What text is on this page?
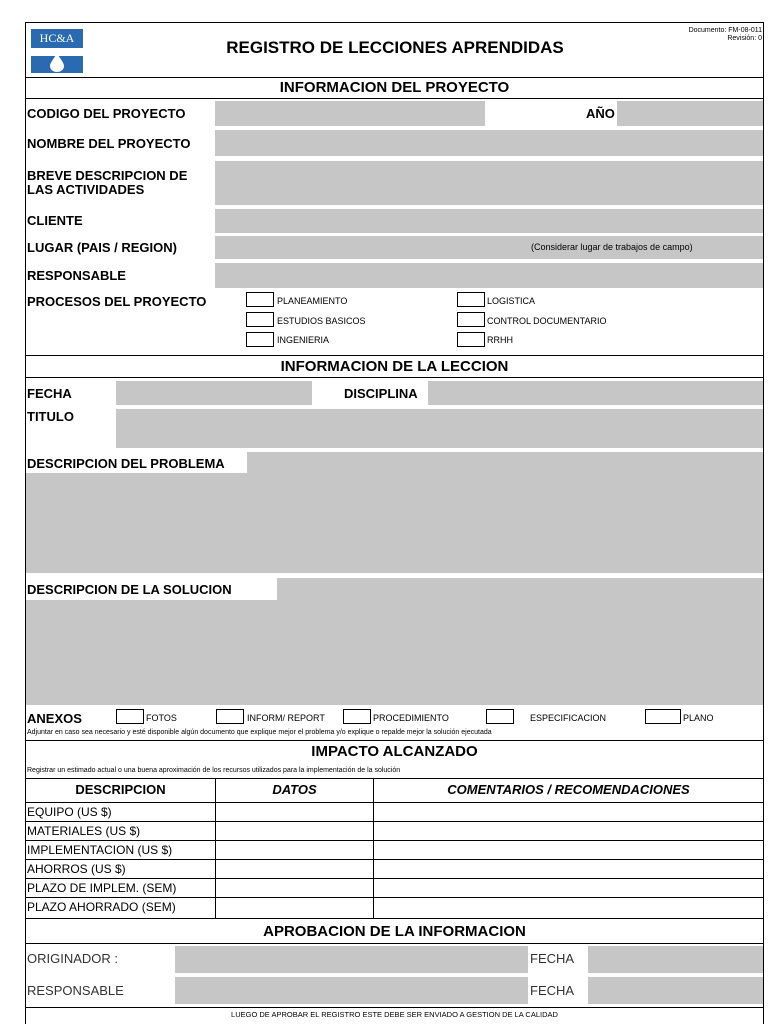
HC&A	REGISTRO DE LECCIONES APRENDIDAS
Documento: FM-08-011
Revisión: 0
INFORMACION DEL PROYECTO
CODIGO DEL PROYECTO	AÑO
NOMBRE DEL PROYECTO
BREVE DESCRIPCION DE
LAS ACTIVIDADES
CLIENTE
LUGAR (PAIS / REGION)	(Considerar lugar de trabajos de campo)
RESPONSABLE
PROCESOS DEL PROYECTO	PLANEAMIENTO
ESTUDIOS BASICOS
INGENIERIA
LOGISTICA
CONTROL DOCUMENTARIO
RRHH
INFORMACION DE LA LECCION
FECHA	DISCIPLINA
TITULO
DESCRIPCION DEL PROBLEMA
DESCRIPCION DE LA SOLUCION
ANEXOS	FOTOS	INFORM/ REPORT	PROCEDIMIENTO	ESPECIFICACION	PLANO
Adjuntar en caso sea necesario y esté disponible algún documento que explique mejor el problema y/o explique o repalde mejor la solución ejecutada
IMPACTO ALCANZADO
Registrar un estimado actual o una buena aproximación de los recursos utilizados para la implementación de la solución
DESCRIPCION	DATOS	COMENTARIOS / RECOMENDACIONES
EQUIPO (US $)
MATERIALES (US $)
IMPLEMENTACION (US $)
AHORROS (US $)
PLAZO DE IMPLEM. (SEM)
PLAZO AHORRADO (SEM)
APROBACION DE LA INFORMACION
ORIGINADOR :	FECHA
RESPONSABLE	FECHA
LUEGO DE APROBAR EL REGISTRO ESTE DEBE SER ENVIADO A GESTION DE LA CALIDAD
